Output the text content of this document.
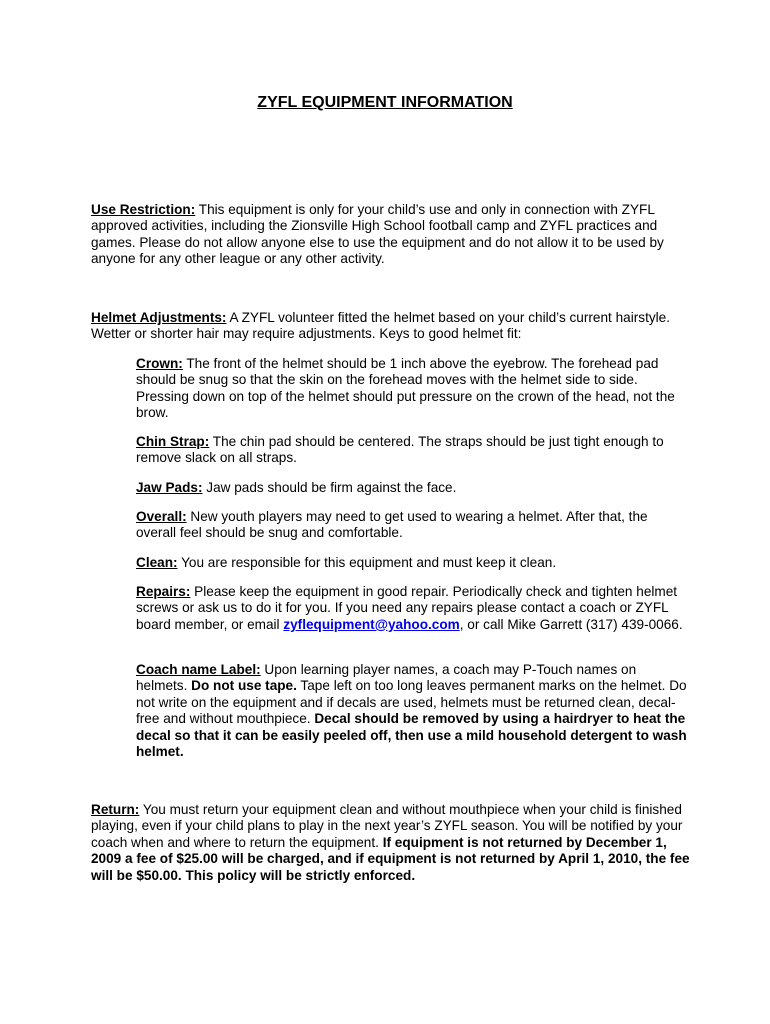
ZYFL EQUIPMENT INFORMATION

Use Restriction: This equipment is only for your child’s use and only in connection with ZYFL approved activities, including the Zionsville High School football camp and ZYFL practices and games. Please do not allow anyone else to use the equipment and do not allow it to be used by anyone for any other league or any other activity.

Helmet Adjustments: A ZYFL volunteer fitted the helmet based on your child’s current hairstyle. Wetter or shorter hair may require adjustments. Keys to good helmet fit:

Crown: The front of the helmet should be 1 inch above the eyebrow. The forehead pad should be snug so that the skin on the forehead moves with the helmet side to side. Pressing down on top of the helmet should put pressure on the crown of the head, not the brow.

Chin Strap: The chin pad should be centered. The straps should be just tight enough to remove slack on all straps.

Jaw Pads: Jaw pads should be firm against the face.

Overall: New youth players may need to get used to wearing a helmet. After that, the overall feel should be snug and comfortable.

Clean: You are responsible for this equipment and must keep it clean.

Repairs: Please keep the equipment in good repair. Periodically check and tighten helmet screws or ask us to do it for you. If you need any repairs please contact a coach or ZYFL board member, or email zyflequipment@yahoo.com, or call Mike Garrett (317) 439-0066.

Coach name Label: Upon learning player names, a coach may P-Touch names on helmets. Do not use tape. Tape left on too long leaves permanent marks on the helmet. Do not write on the equipment and if decals are used, helmets must be returned clean, decal-free and without mouthpiece. Decal should be removed by using a hairdryer to heat the decal so that it can be easily peeled off, then use a mild household detergent to wash helmet.

Return: You must return your equipment clean and without mouthpiece when your child is finished playing, even if your child plans to play in the next year’s ZYFL season. You will be notified by your coach when and where to return the equipment. If equipment is not returned by December 1, 2009 a fee of $25.00 will be charged, and if equipment is not returned by April 1, 2010, the fee will be $50.00. This policy will be strictly enforced.
